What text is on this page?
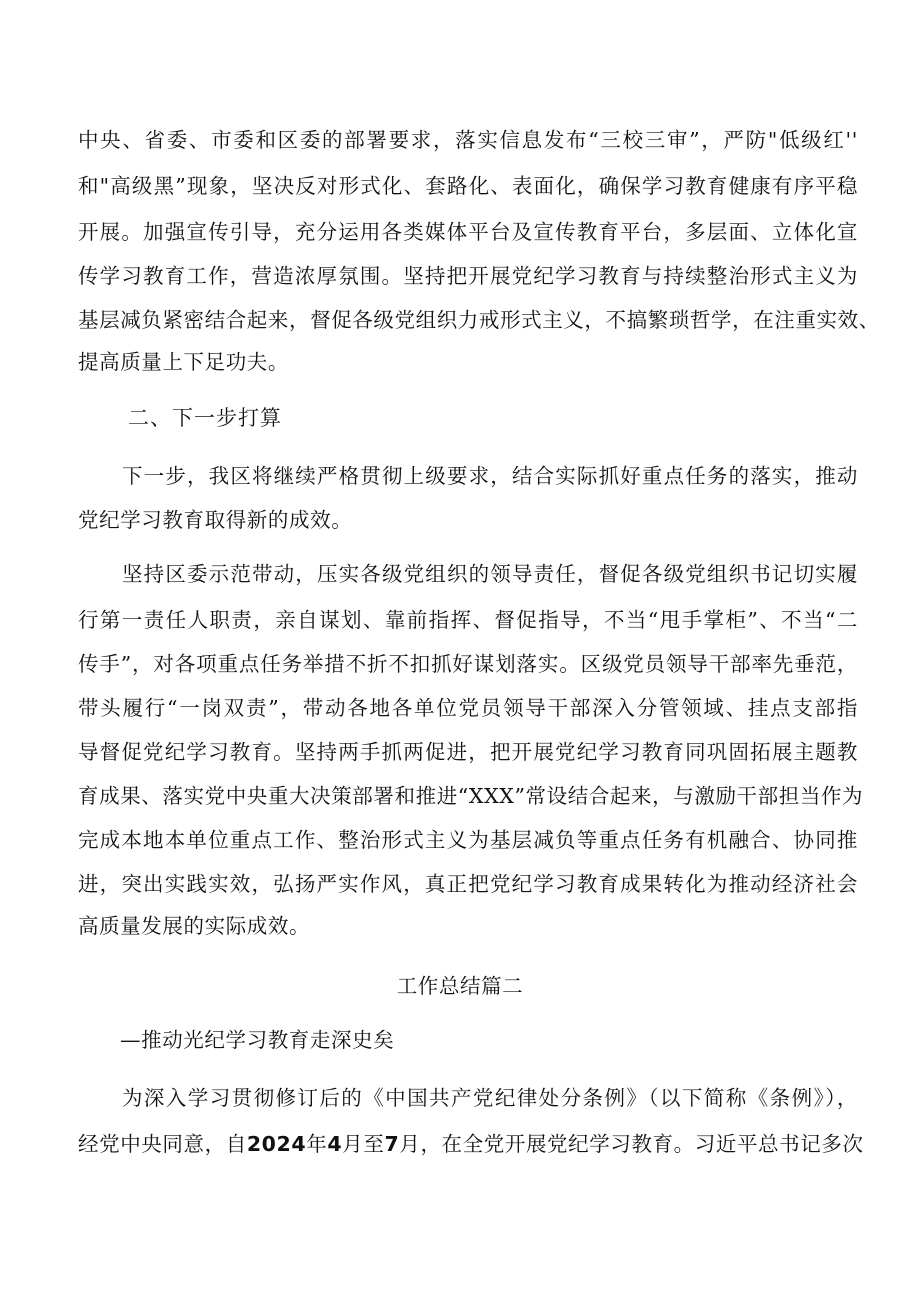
中央、省委、市委和区委的部署要求，落实信息发布“三校三审”，严防"低级红''
和"高级黑”现象，坚决反对形式化、套路化、表面化，确保学习教育健康有序平稳
开展。加强宣传引导，充分运用各类媒体平台及宣传教育平台，多层面、立体化宣
传学习教育工作，营造浓厚氛围。坚持把开展党纪学习教育与持续整治形式主义为
基层减负紧密结合起来，督促各级党组织力戒形式主义，不搞繁琐哲学，在注重实效、
提高质量上下足功夫。
二、下一步打算
下一步，我区将继续严格贯彻上级要求，结合实际抓好重点任务的落实，推动
党纪学习教育取得新的成效。
坚持区委示范带动，压实各级党组织的领导责任，督促各级党组织书记切实履
行第一责任人职责，亲自谋划、靠前指挥、督促指导，不当“甩手掌柜”、不当“二
传手”，对各项重点任务举措不折不扣抓好谋划落实。区级党员领导干部率先垂范，
带头履行“一岗双责”，带动各地各单位党员领导干部深入分管领域、挂点支部指
导督促党纪学习教育。坚持两手抓两促进，把开展党纪学习教育同巩固拓展主题教
育成果、落实党中央重大决策部署和推进“XXX”常设结合起来，与激励干部担当作为
完成本地本单位重点工作、整治形式主义为基层减负等重点任务有机融合、协同推
进，突出实践实效，弘扬严实作风，真正把党纪学习教育成果转化为推动经济社会
高质量发展的实际成效。
工作总结篇二
—推动光纪学习教育走深史矣
为深入学习贯彻修订后的《中国共产党纪律处分条例》（以下简称《条例》），
经党中央同意，自2024年4月至7月，在全党开展党纪学习教育。习近平总书记多次
